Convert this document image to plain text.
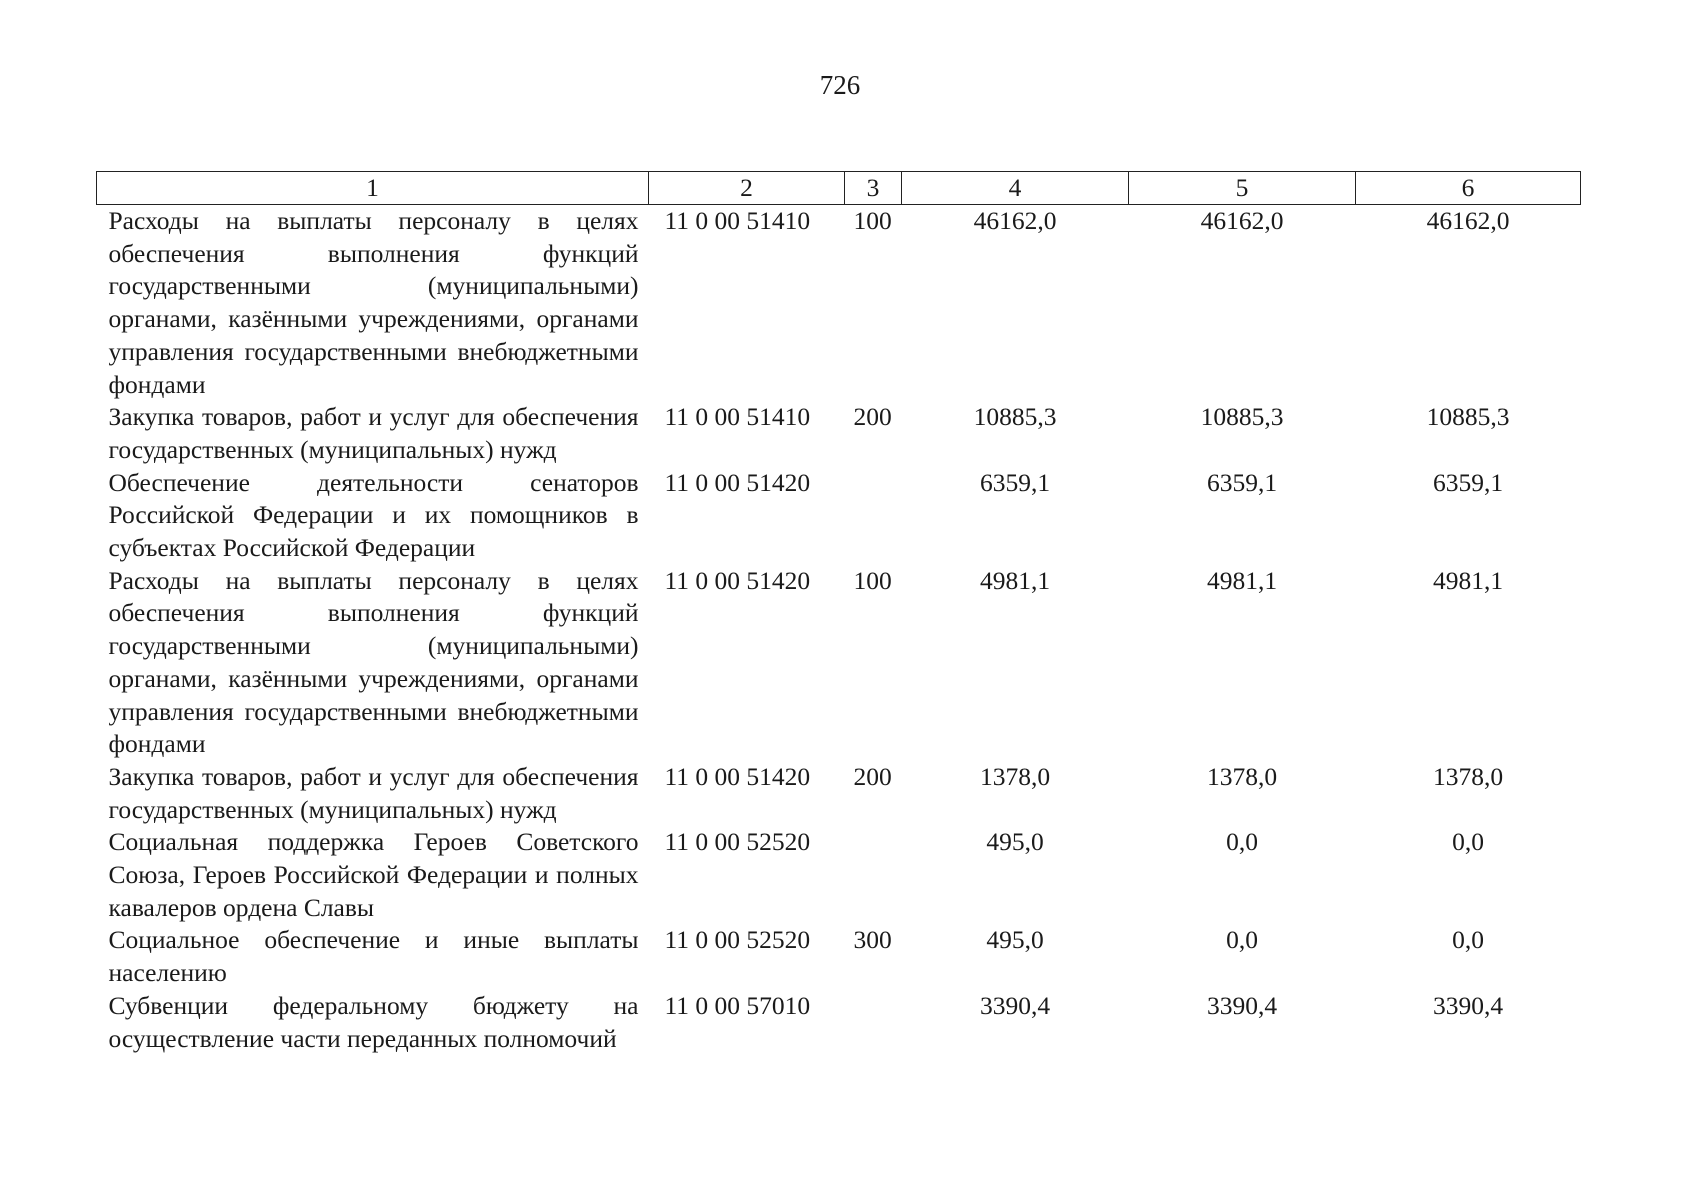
726
1	2	3	4	5	6
Расходы на выплаты персоналу в целях обеспечения выполнения функций государственными (муниципальными) органами, казёнными учреждениями, органами управления государственными внебюджетными фондами	11 0 00 51410	100	46162,0	46162,0	46162,0
Закупка товаров, работ и услуг для обеспечения государственных (муниципальных) нужд	11 0 00 51410	200	10885,3	10885,3	10885,3
Обеспечение деятельности сенаторов Российской Федерации и их помощников в субъектах Российской Федерации	11 0 00 51420		6359,1	6359,1	6359,1
Расходы на выплаты персоналу в целях обеспечения выполнения функций государственными (муниципальными) органами, казёнными учреждениями, органами управления государственными внебюджетными фондами	11 0 00 51420	100	4981,1	4981,1	4981,1
Закупка товаров, работ и услуг для обеспечения государственных (муниципальных) нужд	11 0 00 51420	200	1378,0	1378,0	1378,0
Социальная поддержка Героев Советского Союза, Героев Российской Федерации и полных кавалеров ордена Славы	11 0 00 52520		495,0	0,0	0,0
Социальное обеспечение и иные выплаты населению	11 0 00 52520	300	495,0	0,0	0,0
Субвенции федеральному бюджету на осуществление части переданных полномочий	11 0 00 57010		3390,4	3390,4	3390,4
